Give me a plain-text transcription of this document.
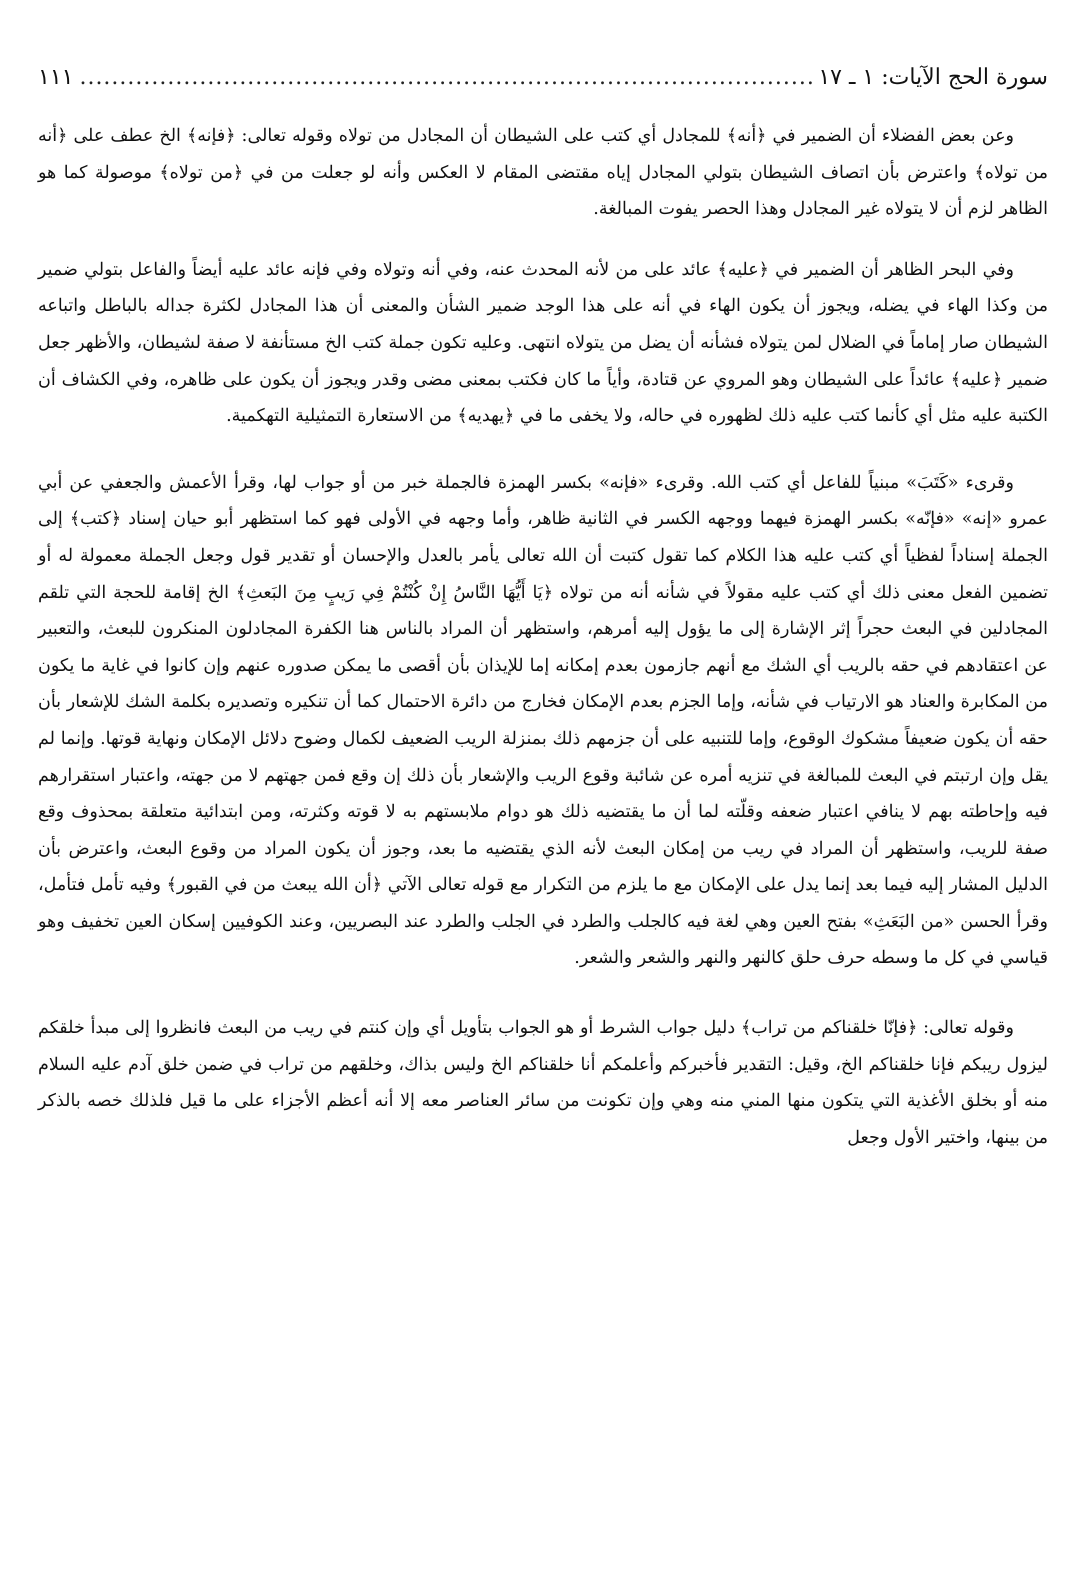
سورة الحج الآيات: ١ ـ ١٧
.....
١١١

وعن بعض الفضلاء أن الضمير في ﴿أنه﴾ للمجادل أي كتب على الشيطان أن المجادل من تولاه وقوله تعالى: ﴿فإنه﴾ الخ عطف على ﴿أنه من تولاه﴾ واعترض بأن اتصاف الشيطان بتولي المجادل إياه مقتضى المقام لا العكس وأنه لو جعلت من في ﴿من تولاه﴾ موصولة كما هو الظاهر لزم أن لا يتولاه غير المجادل وهذا الحصر يفوت المبالغة.

وفي البحر الظاهر أن الضمير في ﴿عليه﴾ عائد على من لأنه المحدث عنه، وفي أنه وتولاه وفي فإنه عائد عليه أيضاً والفاعل بتولي ضمير من وكذا الهاء في يضله، ويجوز أن يكون الهاء في أنه على هذا الوجد ضمير الشأن والمعنى أن هذا المجادل لكثرة جداله بالباطل واتباعه الشيطان صار إماماً في الضلال لمن يتولاه فشأنه أن يضل من يتولاه انتهى. وعليه تكون جملة كتب الخ مستأنفة لا صفة لشيطان، والأظهر جعل ضمير ﴿عليه﴾ عائداً على الشيطان وهو المروي عن قتادة، وأياً ما كان فكتب بمعنى مضى وقدر ويجوز أن يكون على ظاهره، وفي الكشاف أن الكتبة عليه مثل أي كأنما كتب عليه ذلك لظهوره في حاله، ولا يخفى ما في ﴿يهديه﴾ من الاستعارة التمثيلية التهكمية.

وقرىء «كَتَبَ» مبنياً للفاعل أي كتب الله. وقرىء «فإنه» بكسر الهمزة فالجملة خبر من أو جواب لها، وقرأ الأعمش والجعفي عن أبي عمرو «إنه» «فإنّه» بكسر الهمزة فيهما ووجهه الكسر في الثانية ظاهر، وأما وجهه في الأولى فهو كما استظهر أبو حيان إسناد ﴿كتب﴾ إلى الجملة إسناداً لفظياً أي كتب عليه هذا الكلام كما تقول كتبت أن الله تعالى يأمر بالعدل والإحسان أو تقدير قول وجعل الجملة معمولة له أو تضمين الفعل معنى ذلك أي كتب عليه مقولاً في شأنه أنه من تولاه ﴿يَا أَيُّهَا النَّاسُ إِنْ كُنْتُمْ فِي رَيبٍ مِنَ البَعثِ﴾ الخ إقامة للحجة التي تلقم المجادلين في البعث حجراً إثر الإشارة إلى ما يؤول إليه أمرهم، واستظهر أن المراد بالناس هنا الكفرة المجادلون المنكرون للبعث، والتعبير عن اعتقادهم في حقه بالريب أي الشك مع أنهم جازمون بعدم إمكانه إما للإيذان بأن أقصى ما يمكن صدوره عنهم وإن كانوا في غاية ما يكون من المكابرة والعناد هو الارتياب في شأنه، وإما الجزم بعدم الإمكان فخارج من دائرة الاحتمال كما أن تنكيره وتصديره بكلمة الشك للإشعار بأن حقه أن يكون ضعيفاً مشكوك الوقوع، وإما للتنبيه على أن جزمهم ذلك بمنزلة الريب الضعيف لكمال وضوح دلائل الإمكان ونهاية قوتها. وإنما لم يقل وإن ارتبتم في البعث للمبالغة في تنزيه أمره عن شائبة وقوع الريب والإشعار بأن ذلك إن وقع فمن جهتهم لا من جهته، واعتبار استقرارهم فيه وإحاطته بهم لا ينافي اعتبار ضعفه وقلّته لما أن ما يقتضيه ذلك هو دوام ملابستهم به لا قوته وكثرته، ومن ابتدائية متعلقة بمحذوف وقع صفة للريب، واستظهر أن المراد في ريب من إمكان البعث لأنه الذي يقتضيه ما بعد، وجوز أن يكون المراد من وقوع البعث، واعترض بأن الدليل المشار إليه فيما بعد إنما يدل على الإمكان مع ما يلزم من التكرار مع قوله تعالى الآتي ﴿أن الله يبعث من في القبور﴾ وفيه تأمل فتأمل، وقرأ الحسن «من البَعَثِ» بفتح العين وهي لغة فيه كالجلب والطرد في الجلب والطرد عند البصريين، وعند الكوفيين إسكان العين تخفيف وهو قياسي في كل ما وسطه حرف حلق كالنهر والنهر والشعر والشعر.

وقوله تعالى: ﴿فإنّا خلقناكم من تراب﴾ دليل جواب الشرط أو هو الجواب بتأويل أي وإن كنتم في ريب من البعث فانظروا إلى مبدأ خلقكم ليزول ريبكم فإنا خلقناكم الخ، وقيل: التقدير فأخبركم وأعلمكم أنا خلقناكم الخ وليس بذاك، وخلقهم من تراب في ضمن خلق آدم عليه السلام منه أو بخلق الأغذية التي يتكون منها المني منه وهي وإن تكونت من سائر العناصر معه إلا أنه أعظم الأجزاء على ما قيل فلذلك خصه بالذكر من بينها، واختير الأول وجعل
